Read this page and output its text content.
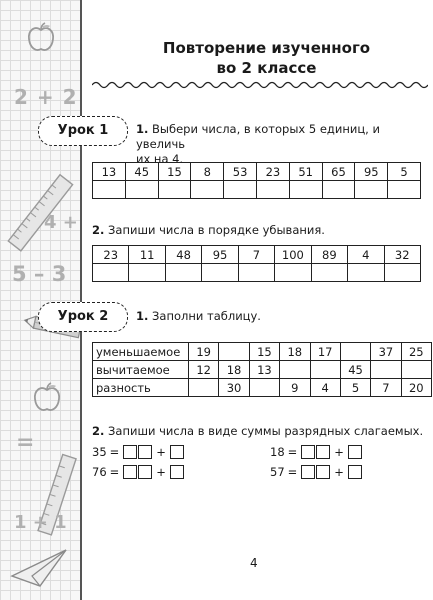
2 + 2
4 +
5 – 3
=
1 + 1
Повторение изученного
во 2 классе
Урок 1	1. Выбери числа, в которых 5 единиц, и увеличь
их на 4.
13	45	15	8	53	23	51	65	95	5

2. Запиши числа в порядке убывания.
23	11	48	95	7	100	89	4	32

Урок 2	1. Заполни таблицу.
уменьшаемое	19		15	18	17		37	25
вычитаемое	12	18	13			45		
разность		30		9	4	5	7	20
2. Запиши числа в виде суммы разрядных слагаемых.
35 =	+	18 =	+
76 =	+	57 =	+
4
